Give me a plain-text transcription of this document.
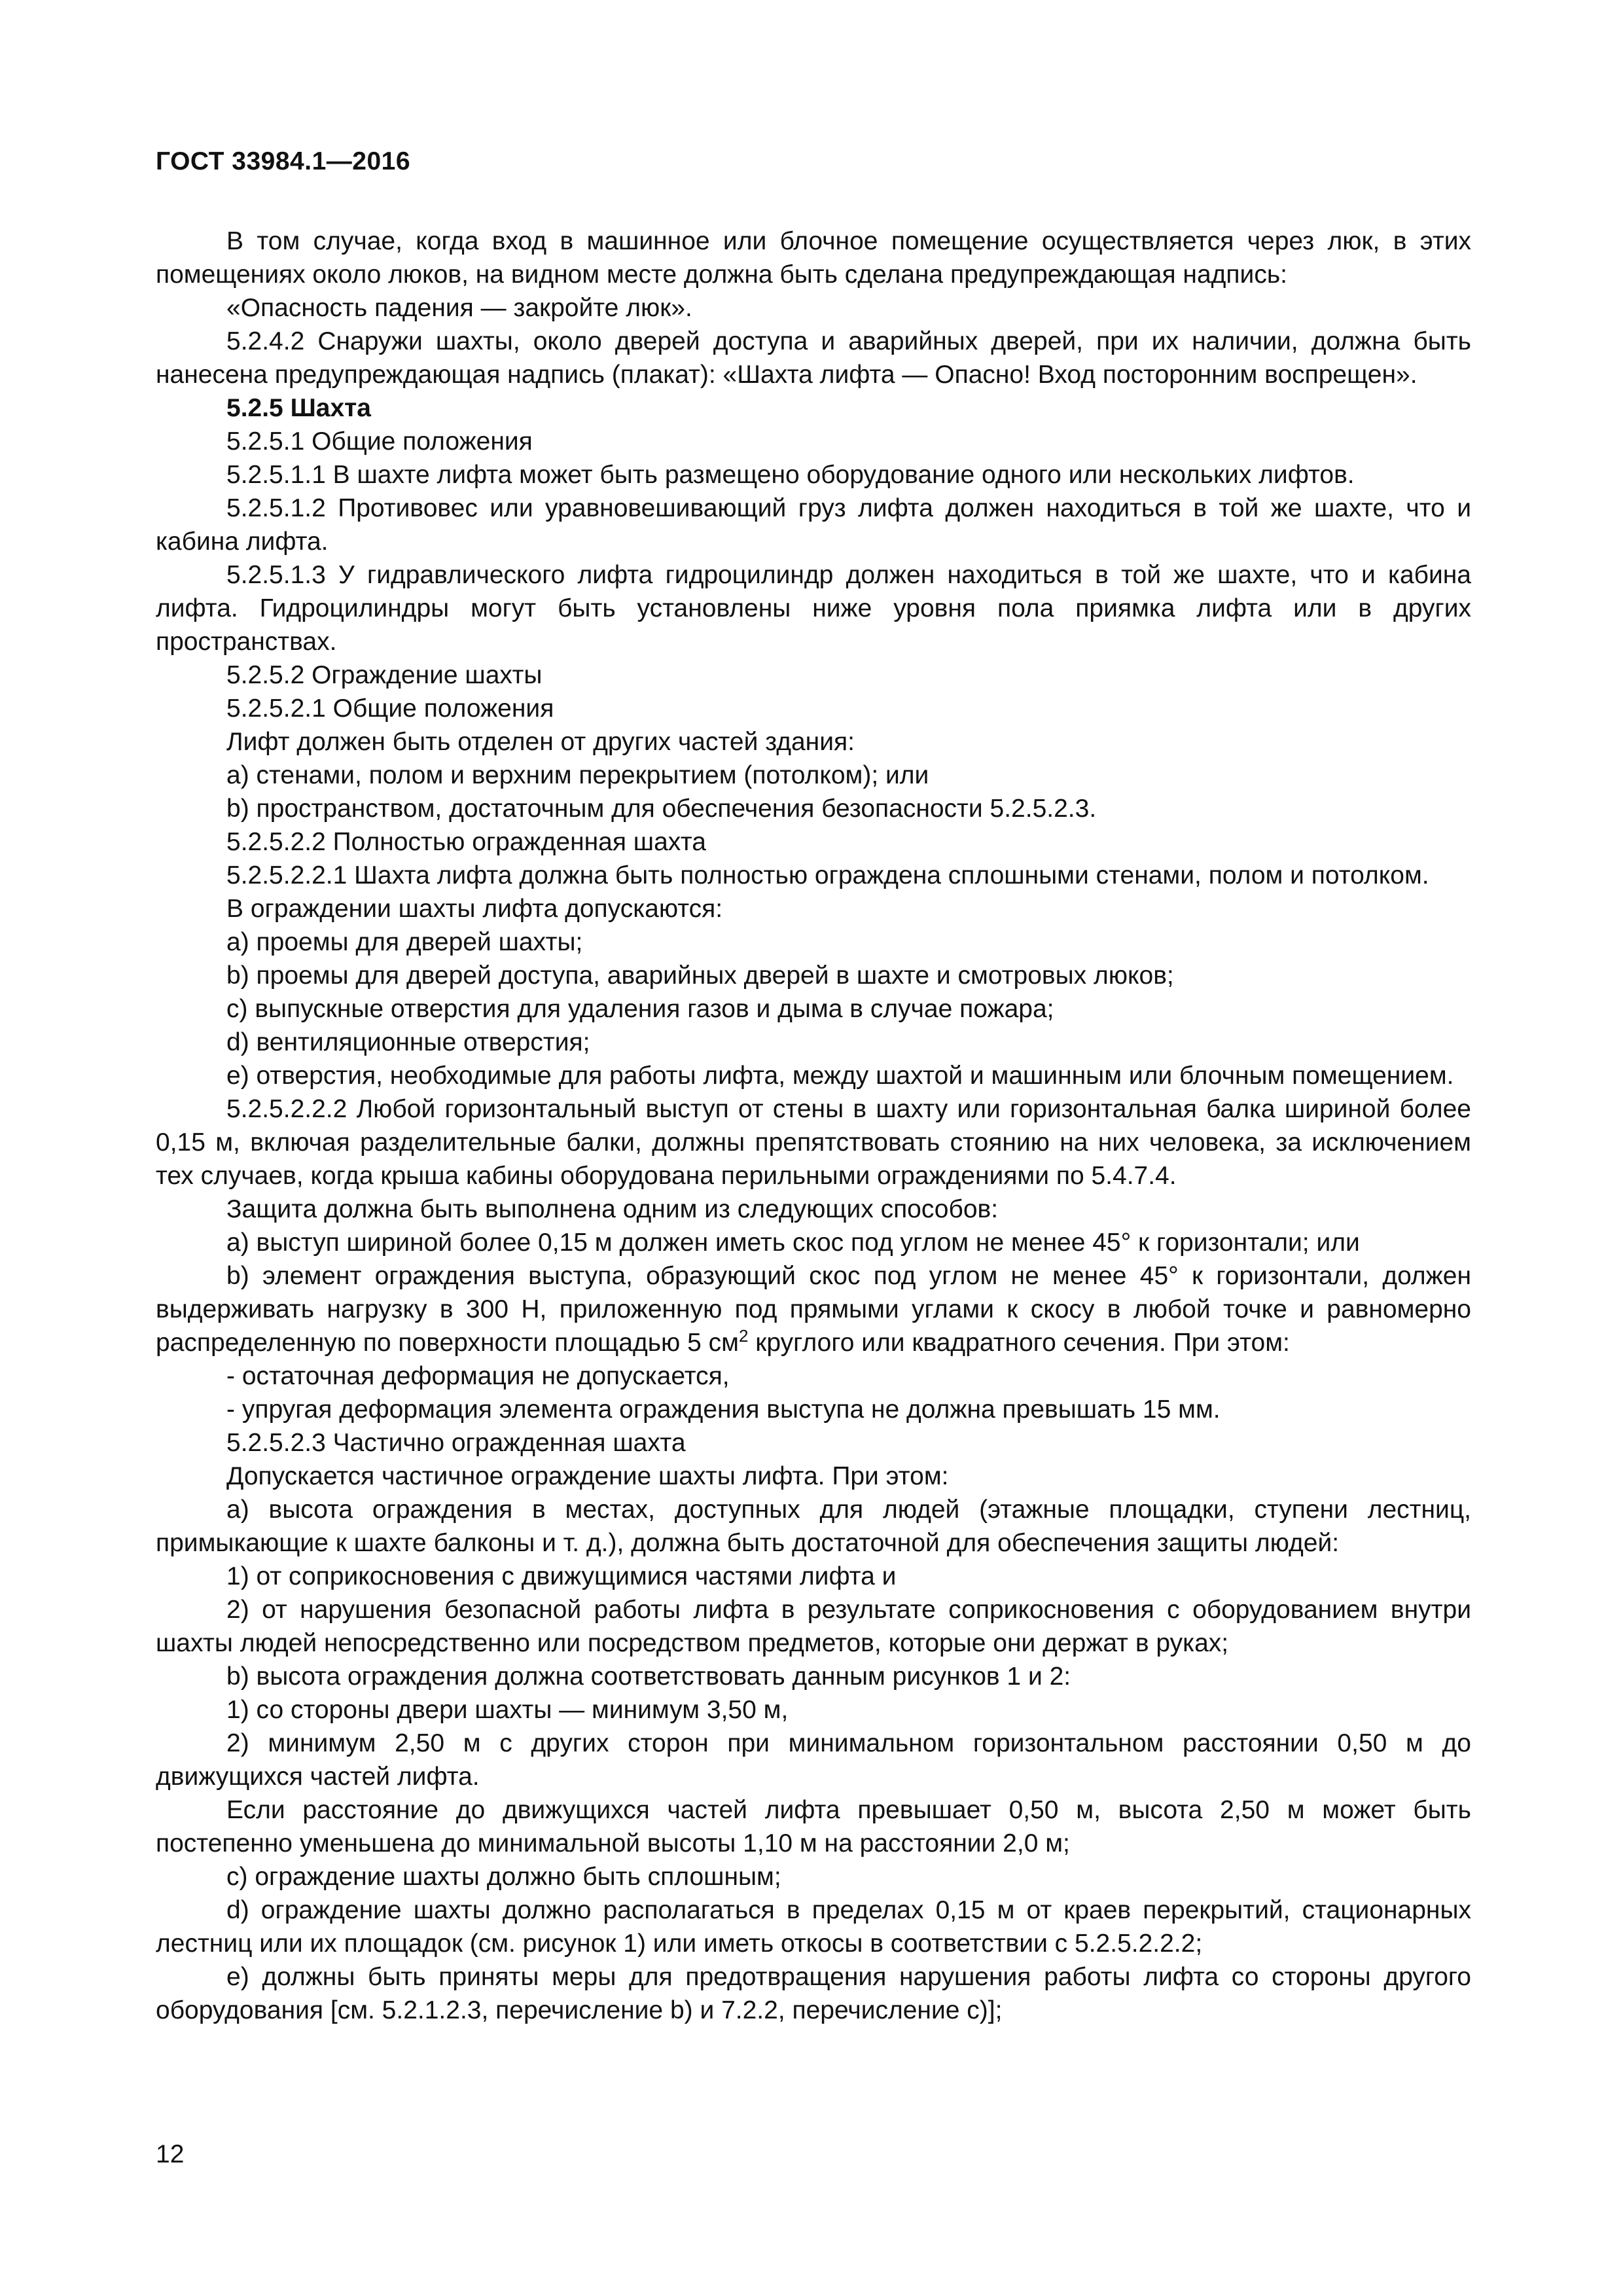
ГОСТ 33984.1—2016

В том случае, когда вход в машинное или блочное помещение осуществляется через люк, в этих помещениях около люков, на видном месте должна быть сделана предупреждающая надпись:

«Опасность падения — закройте люк».

5.2.4.2 Снаружи шахты, около дверей доступа и аварийных дверей, при их наличии, должна быть нанесена предупреждающая надпись (плакат): «Шахта лифта — Опасно! Вход посторонним воспрещен».

5.2.5 Шахта

5.2.5.1 Общие положения

5.2.5.1.1 В шахте лифта может быть размещено оборудование одного или нескольких лифтов.

5.2.5.1.2 Противовес или уравновешивающий груз лифта должен находиться в той же шахте, что и кабина лифта.

5.2.5.1.3 У гидравлического лифта гидроцилиндр должен находиться в той же шахте, что и кабина лифта. Гидроцилиндры могут быть установлены ниже уровня пола приямка лифта или в других пространствах.

5.2.5.2 Ограждение шахты

5.2.5.2.1 Общие положения

Лифт должен быть отделен от других частей здания:

a) стенами, полом и верхним перекрытием (потолком); или

b) пространством, достаточным для обеспечения безопасности 5.2.5.2.3.

5.2.5.2.2 Полностью огражденная шахта

5.2.5.2.2.1 Шахта лифта должна быть полностью ограждена сплошными стенами, полом и потолком.

В ограждении шахты лифта допускаются:

a) проемы для дверей шахты;

b) проемы для дверей доступа, аварийных дверей в шахте и смотровых люков;

c) выпускные отверстия для удаления газов и дыма в случае пожара;

d) вентиляционные отверстия;

e) отверстия, необходимые для работы лифта, между шахтой и машинным или блочным помещением.

5.2.5.2.2.2 Любой горизонтальный выступ от стены в шахту или горизонтальная балка шириной более 0,15 м, включая разделительные балки, должны препятствовать стоянию на них человека, за исключением тех случаев, когда крыша кабины оборудована перильными ограждениями по 5.4.7.4.

Защита должна быть выполнена одним из следующих способов:

a) выступ шириной более 0,15 м должен иметь скос под углом не менее 45° к горизонтали; или

b) элемент ограждения выступа, образующий скос под углом не менее 45° к горизонтали, должен выдерживать нагрузку в 300 Н, приложенную под прямыми углами к скосу в любой точке и равномерно распределенную по поверхности площадью 5 $см^2$ круглого или квадратного сечения. При этом:

- остаточная деформация не допускается,

- упругая деформация элемента ограждения выступа не должна превышать 15 мм.

5.2.5.2.3 Частично огражденная шахта

Допускается частичное ограждение шахты лифта. При этом:

a) высота ограждения в местах, доступных для людей (этажные площадки, ступени лестниц, примыкающие к шахте балконы и т. д.), должна быть достаточной для обеспечения защиты людей:

1) от соприкосновения с движущимися частями лифта и

2) от нарушения безопасной работы лифта в результате соприкосновения с оборудованием внутри шахты людей непосредственно или посредством предметов, которые они держат в руках;

b) высота ограждения должна соответствовать данным рисунков 1 и 2:

1) со стороны двери шахты — минимум 3,50 м,

2) минимум 2,50 м с других сторон при минимальном горизонтальном расстоянии 0,50 м до движущихся частей лифта.

Если расстояние до движущихся частей лифта превышает 0,50 м, высота 2,50 м может быть постепенно уменьшена до минимальной высоты 1,10 м на расстоянии 2,0 м;

c) ограждение шахты должно быть сплошным;

d) ограждение шахты должно располагаться в пределах 0,15 м от краев перекрытий, стационарных лестниц или их площадок (см. рисунок 1) или иметь откосы в соответствии с 5.2.5.2.2.2;

e) должны быть приняты меры для предотвращения нарушения работы лифта со стороны другого оборудования [см. 5.2.1.2.3, перечисление b) и 7.2.2, перечисление c)];

12
